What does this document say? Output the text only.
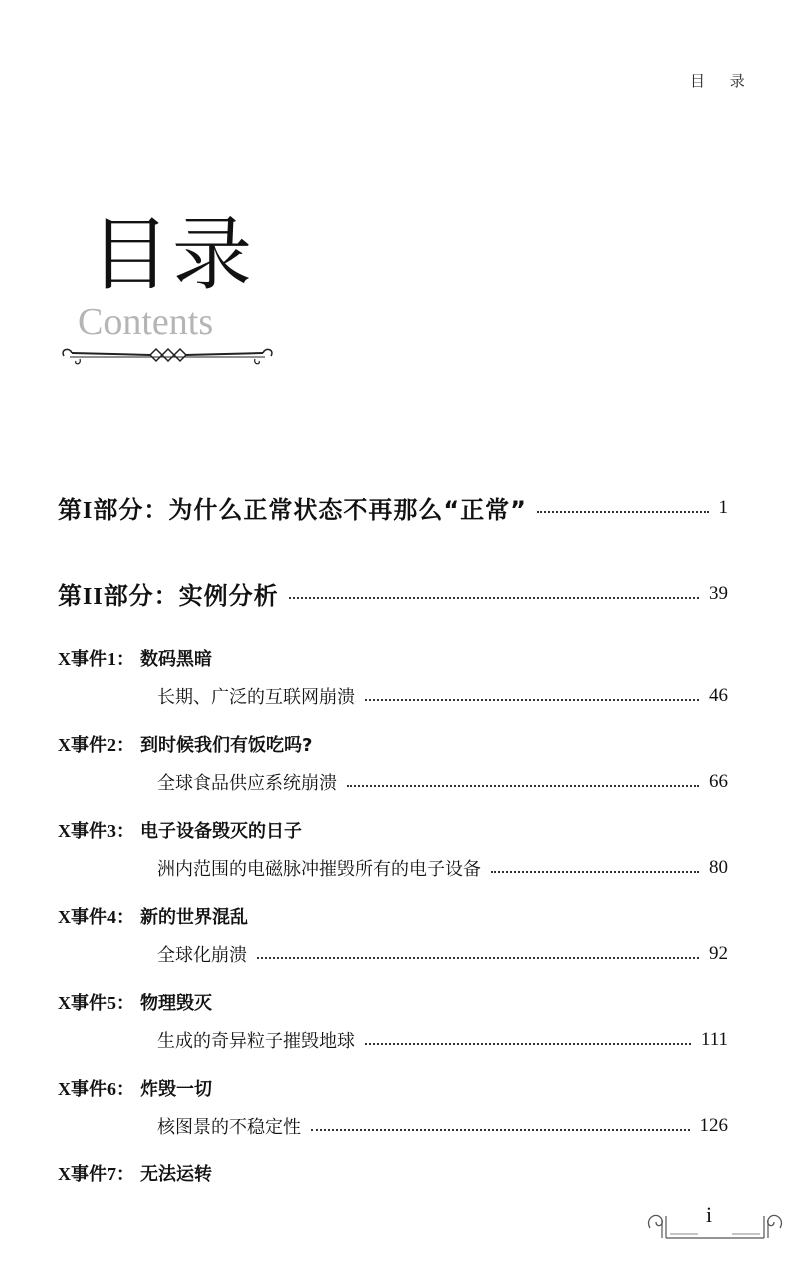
目 录
目录
Contents
第I部分：为什么正常状态不再那么“正常”	1
第II部分：实例分析	39
X事件1： 数码黑暗
长期、广泛的互联网崩溃	46
X事件2： 到时候我们有饭吃吗?
全球食品供应系统崩溃	66
X事件3： 电子设备毁灭的日子
洲内范围的电磁脉冲摧毁所有的电子设备	80
X事件4： 新的世界混乱
全球化崩溃	92
X事件5： 物理毁灭
生成的奇异粒子摧毁地球	111
X事件6： 炸毁一切
核图景的不稳定性	126
X事件7： 无法运转
i
